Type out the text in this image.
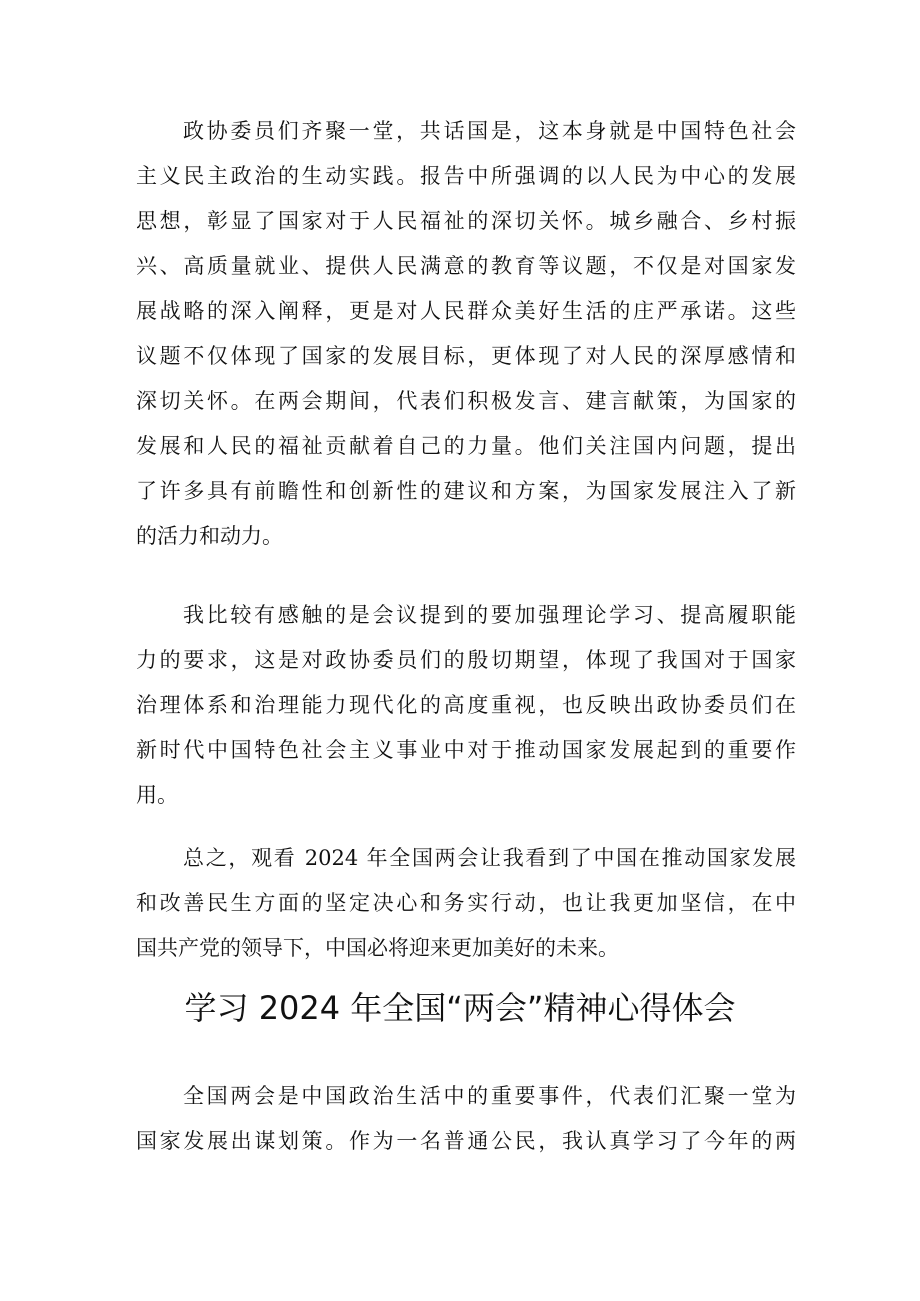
政协委员们齐聚一堂，共话国是，这本身就是中国特色社会

主义民主政治的生动实践。报告中所强调的以人民为中心的发展

思想，彰显了国家对于人民福祉的深切关怀。城乡融合、乡村振

兴、高质量就业、提供人民满意的教育等议题，不仅是对国家发

展战略的深入阐释，更是对人民群众美好生活的庄严承诺。这些

议题不仅体现了国家的发展目标，更体现了对人民的深厚感情和

深切关怀。在两会期间，代表们积极发言、建言献策，为国家的

发展和人民的福祉贡献着自己的力量。他们关注国内问题，提出

了许多具有前瞻性和创新性的建议和方案，为国家发展注入了新

的活力和动力。

我比较有感触的是会议提到的要加强理论学习、提高履职能

力的要求，这是对政协委员们的殷切期望，体现了我国对于国家

治理体系和治理能力现代化的高度重视，也反映出政协委员们在

新时代中国特色社会主义事业中对于推动国家发展起到的重要作

用。

总之，观看 2024 年全国两会让我看到了中国在推动国家发展

和改善民生方面的坚定决心和务实行动，也让我更加坚信，在中

国共产党的领导下，中国必将迎来更加美好的未来。

学习 2024 年全国“两会”精神心得体会

全国两会是中国政治生活中的重要事件，代表们汇聚一堂为

国家发展出谋划策。作为一名普通公民，我认真学习了今年的两
